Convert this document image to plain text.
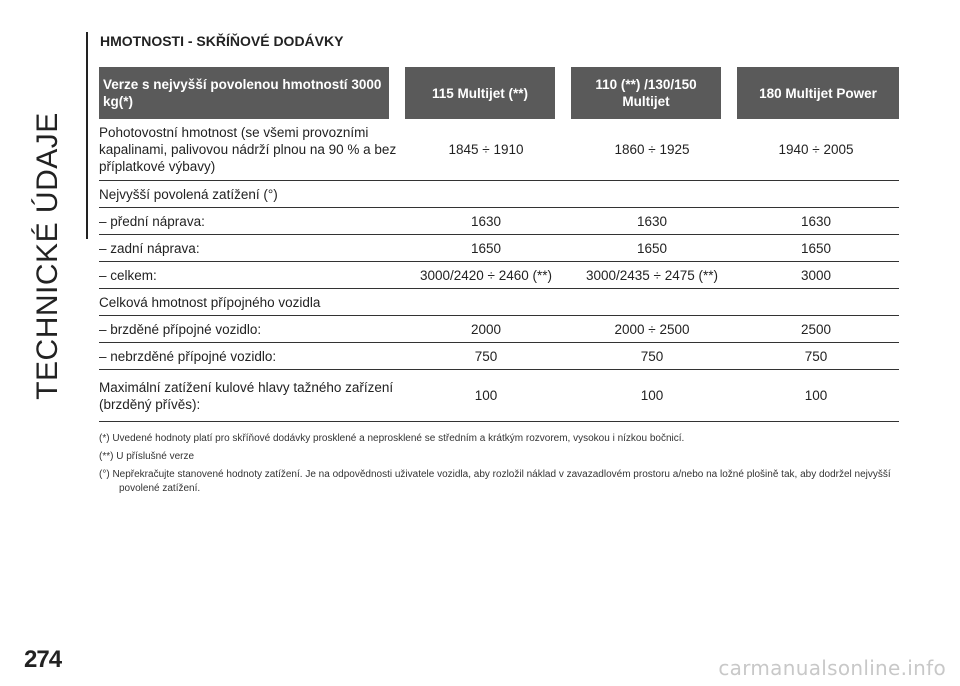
TECHNICKÉ ÚDAJE
HMOTNOSTI - SKŘÍŇOVÉ DODÁVKY
Verze s nejvyšší povolenou hmotností 3000 kg(*)	115 Multijet (**)	110 (**) /130/150 Multijet	180 Multijet Power
Pohotovostní hmotnost (se všemi provozními kapalinami, palivovou nádrží plnou na 90 % a bez příplatkové výbavy)	1845 ÷ 1910	1860 ÷ 1925	1940 ÷ 2005
Nejvyšší povolená zatížení (°)			
– přední náprava:	1630	1630	1630
– zadní náprava:	1650	1650	1650
– celkem:	3000/2420 ÷ 2460 (**)	3000/2435 ÷ 2475 (**)	3000
Celková hmotnost přípojného vozidla			
– brzděné přípojné vozidlo:	2000	2000 ÷ 2500	2500
– nebrzděné přípojné vozidlo:	750	750	750
Maximální zatížení kulové hlavy tažného zařízení (brzděný přívěs):	100	100	100

(*) Uvedené hodnoty platí pro skříňové dodávky prosklené a neprosklené se středním a krátkým rozvorem, vysokou i nízkou bočnicí.

(**) U příslušné verze

(°) Nepřekračujte stanovené hodnoty zatížení. Je na odpovědnosti uživatele vozidla, aby rozložil náklad v zavazadlovém prostoru a/nebo na ložné plošině tak, aby dodržel nejvyšší povolené zatížení.

274	carmanualsonline.info
